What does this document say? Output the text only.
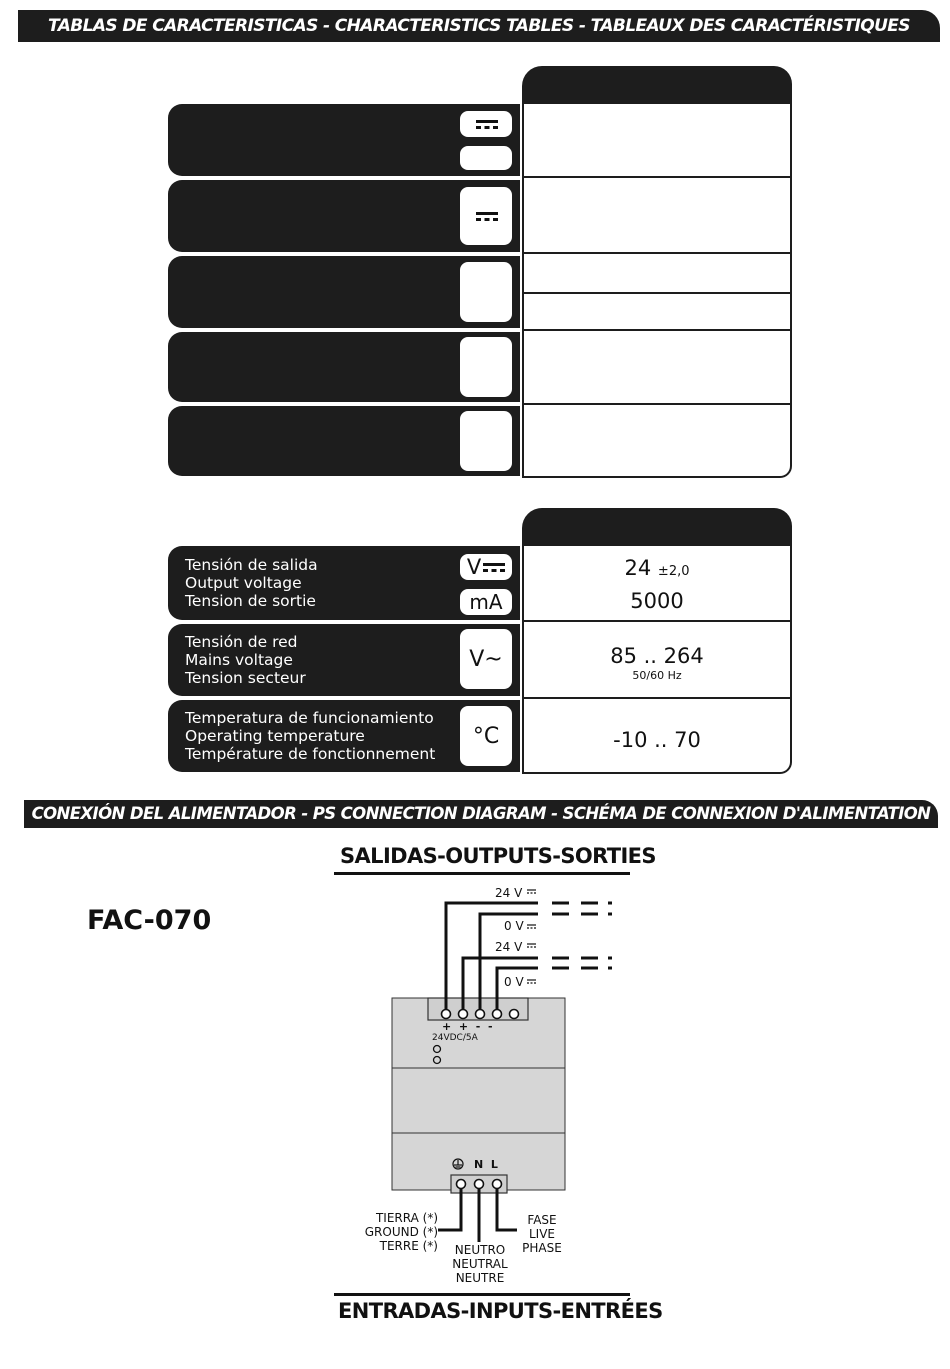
TABLAS DE CARACTERISTICAS - CHARACTERISTICS TABLES - TABLEAUX DES CARACTÉRISTIQUES
CONEXIÓN DEL ALIMENTADOR - PS CONNECTION DIAGRAM - SCHÉMA DE CONNEXION D'ALIMENTATION
Tensión de salida
Output voltage
Tension de sortie
Tensión de red
Mains voltage
Tension secteur
Temperatura de funcionamiento
Operating temperature
Température de fonctionnement
V
mA
V~
°C
24 ±2,0
5000
85 .. 264
50/60 Hz
-10 .. 70
SALIDAS-OUTPUTS-SORTIES
FAC-070
24 V
0 V
24 V
0 V
+  +  -  -
24VDC/5A
N  L
TIERRA (*)
GROUND (*)
TERRE (*)	NEUTRO
NEUTRAL
NEUTRE
FASE
LIVE
PHASE
ENTRADAS-INPUTS-ENTRÉES
